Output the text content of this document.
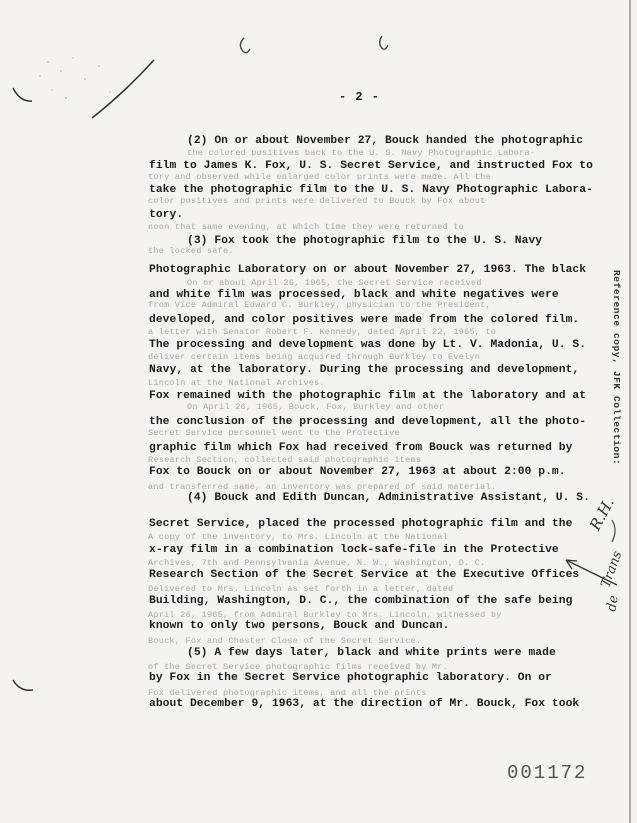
- 2 -
the colored positives back to the U. S. Navy Photographic Labora-
tory and observed while enlarged color prints were made. All the
color positives and prints were delivered to Bouck by Fox about
noon that same evening, at which time they were returned to
the locked safe.
On or about April 26, 1965, the Secret Service received
from Vice Admiral Edward C. Burkley, physician to the President,
a letter with Senator Robert F. Kennedy, dated April 22, 1965, to
deliver certain items being acquired through Burkley to Evelyn
Lincoln at the National Archives.
On April 26, 1965, Bouck, Fox, Burkley and other
Secret Service personnel went to the Protective
Research Section, collected said photographic items
and transferred same, an inventory was prepared of said material.
A copy of the inventory, to Mrs. Lincoln at the National
Archives, 7th and Pennsylvania Avenue, N. W., Washington, D. C.
Delivered to Mrs. Lincoln as set forth in a letter, dated
April 26, 1965, from Admiral Burkley to Mrs. Lincoln, witnessed by
Bouck, Fox and Chester Close of the Secret Service.
of the Secret Service photographic films received by Mr.
Fox delivered photographic items, and all the prints
(2) On or about November 27, Bouck handed the photographic
film to James K. Fox, U. S. Secret Service, and instructed Fox to
take the photographic film to the U. S. Navy Photographic Labora-
tory.
(3) Fox took the photographic film to the U. S. Navy
Photographic Laboratory on or about November 27, 1963. The black
and white film was processed, black and white negatives were
developed, and color positives were made from the colored film.
The processing and development was done by Lt. V. Madonia, U. S.
Navy, at the laboratory. During the processing and development,
Fox remained with the photographic film at the laboratory and at
the conclusion of the processing and development, all the photo-
graphic film which Fox had received from Bouck was returned by
Fox to Bouck on or about November 27, 1963 at about 2:00 p.m.
(4) Bouck and Edith Duncan, Administrative Assistant, U. S.
Secret Service, placed the processed photographic film and the
x-ray film in a combination lock-safe-file in the Protective
Research Section of the Secret Service at the Executive Offices
Building, Washington, D. C., the combination of the safe being
known to only two persons, Bouck and Duncan.
(5) A few days later, black and white prints were made
by Fox in the Secret Service photographic laboratory. On or
about December 9, 1963, at the direction of Mr. Bouck, Fox took
Reference copy, JFK Collection:
R.H.
Trans
de
001172
